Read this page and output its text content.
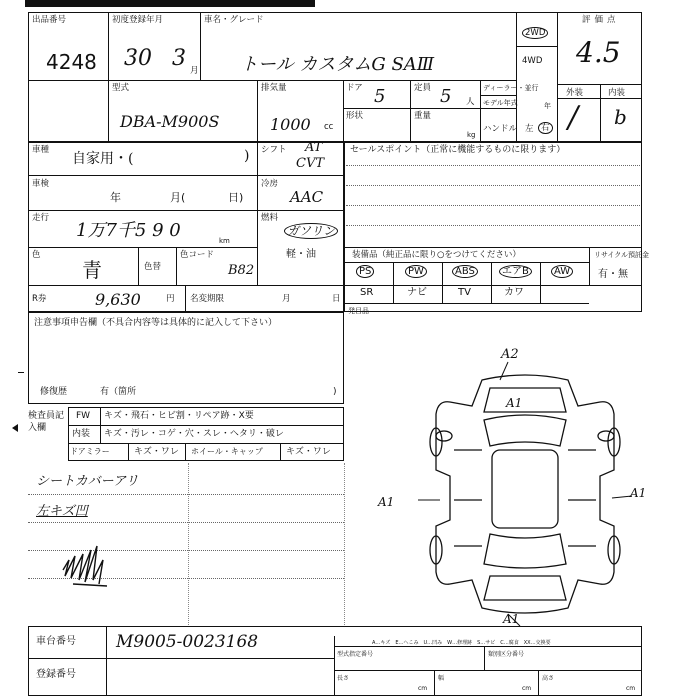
出品番号
4248
初度登録年月
30 3 月
車名・グレード
トール カスタムG SAⅢ
2WD
4WD
評価点
4.5
型式
DBA-M900S
排気量
1000 cc
ドア 5	定員 5 人
ディーラー・並行
モデル年式	年
形状	重量
kg
ハンドル 左 右
外装	内装
/ b
車種
自家用・(	) シフト AT
CVT
車検
年	月(	日)
冷房
AAC
走行
1万7千5 9 0	km
燃料
ガソリン
軽・油
色
青	色替
色コード
B82
R券	9,630	円 名変期限	月	日
セールスポイント（正常に機能するものに限ります）
装備品（純正品に限り○をつけてください）	リサイクル預託金
有・無
PS	PW	ABS	エアB	AW
SR	ナビ	TV	カワ
発目品
注意事項申告欄（不具合内容等は具体的に記入して下さい）
修復歴	有（箇所	)
検査員記入欄
FW キズ・飛石・ヒビ割・リペア跡・X要
内装 キズ・汚レ・コゲ・穴・スレ・ヘタリ・破レ
ドアミラー	キズ・ワレ ホイール・キャップ	キズ・ワレ
シートカバーアリ
左キズ凹
A2
A1
A1
A1
A1
車台番号 M9005-0023168
登録番号
A…キズ　E…へこみ　U…凹み　W…修理跡　S…サビ　C…腐食　XX…交換要
型式指定番号	類別区分番号
長さ
cm
幅
cm
高さ
cm
